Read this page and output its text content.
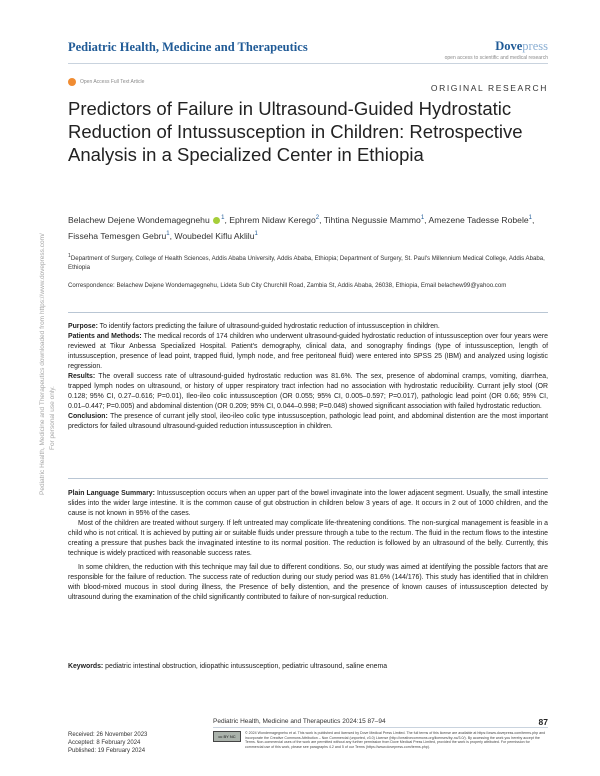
Pediatric Health, Medicine and Therapeutics	Dovepress
open access to scientific and medical research
Open Access Full Text Article
ORIGINAL RESEARCH
Predictors of Failure in Ultrasound-Guided Hydrostatic Reduction of Intussusception in Children: Retrospective Analysis in a Specialized Center in Ethiopia
Belachew Dejene Wondemagegnehu $^1$, Ephrem Nidaw Kerego$^2$, Tihtina Negussie Mammo$^1$, Amezene Tadesse Robele$^1$, Fisseha Temesgen Gebru$^1$, Woubedel Kiflu Aklilu$^1$
$^1$Department of Surgery, College of Health Sciences, Addis Ababa University, Addis Ababa, Ethiopia; Department of Surgery, St. Paul's Millennium Medical College, Addis Ababa, Ethiopia
Correspondence: Belachew Dejene Wondemagegnehu, Lideta Sub City Churchill Road, Zambia St, Addis Ababa, 26038, Ethiopia, Email belachew99@yahoo.com

Purpose: To identify factors predicting the failure of ultrasound-guided hydrostatic reduction of intussusception in children.

Patients and Methods: The medical records of 174 children who underwent ultrasound-guided hydrostatic reduction of intussusception over four years were reviewed at Tikur Anbessa Specialized Hospital. Patient's demography, clinical data, and sonography findings (type of intussusception, length of intussusception, presence of lead point, trapped fluid, lymph node, and free peritoneal fluid) were entered into SPSS 25 (IBM) and analyzed using logistic regression.

Results: The overall success rate of ultrasound-guided hydrostatic reduction was 81.6%. The sex, presence of abdominal cramps, vomiting, diarrhea, trapped lymph nodes on ultrasound, or history of upper respiratory tract infection had no association with hydrostatic reducibility. Currant jelly stool (OR 0.128; 95% CI, 0.27–0.616; P=0.01), Ileo-ileo colic intussusception (OR 0.055; 95% CI, 0.005–0.597; P=0.017), pathologic lead point (OR 0.66; 95% CI, 0.01–0.447; P=0.005) and abdominal distention (OR 0.209; 95% CI, 0.044–0.998; P=0.048) showed significant association with failed hydrostatic reduction.

Conclusion: The presence of currant jelly stool, ileo-ileo colic type intussusception, pathologic lead point, and abdominal distention are the most important predictors for failed ultrasound ultrasound-guided reduction intussusception in children.

Plain Language Summary: Intussusception occurs when an upper part of the bowel invaginate into the lower adjacent segment. Usually, the small intestine slides into the wider large intestine. It is the common cause of gut obstruction in children below 3 years of age. It occurs in 2 out of 1000 children, and the cause is not known in 95% of the cases.

Most of the children are treated without surgery. If left untreated may complicate life-threatening conditions. The non-surgical management is feasible in a child who is not critical. It is achieved by putting air or suitable fluids under pressure through a tube to the rectum. The fluid in the rectum flows to the intestine creating a pressure that pushes back the invaginated intestine to its normal position. The reduction is followed by an ultrasound of the belly. Currently, this technique is widely practiced with reasonable success rates.

In some children, the reduction with this technique may fail due to different conditions. So, our study was aimed at identifying the possible factors that are responsible for the failure of reduction. The success rate of reduction during our study period was 81.6% (144/176). This study has identified that in children with blood-mixed mucous in stool during illness, the Presence of belly distention, and the presence of known causes of intussusception detected by ultrasound during the examination of the child significantly contributed to failure of non-surgical reduction.

Keywords: pediatric intestinal obstruction, idiopathic intussusception, pediatric ultrasound, saline enema
Pediatric Health, Medicine and Therapeutics downloaded from https://www.dovepress.com/ For personal use only.
Received: 26 November 2023
Accepted: 8 February 2024
Published: 19 February 2024
Pediatric Health, Medicine and Therapeutics 2024:15 87–94	87
cc BY NC
© 2024 Wondemagegnehu et al. This work is published and licensed by Dove Medical Press Limited. The full terms of this license are available at https://www.dovepress.com/terms.php and incorporate the Creative Commons Attribution – Non Commercial (unported, v3.0) License (http://creativecommons.org/licenses/by-nc/3.0/). By accessing the work you hereby accept the Terms. Non-commercial uses of the work are permitted without any further permission from Dove Medical Press Limited, provided the work is properly attributed. For permission for commercial use of this work, please see paragraphs 4.2 and 5 of our Terms (https://www.dovepress.com/terms.php).
